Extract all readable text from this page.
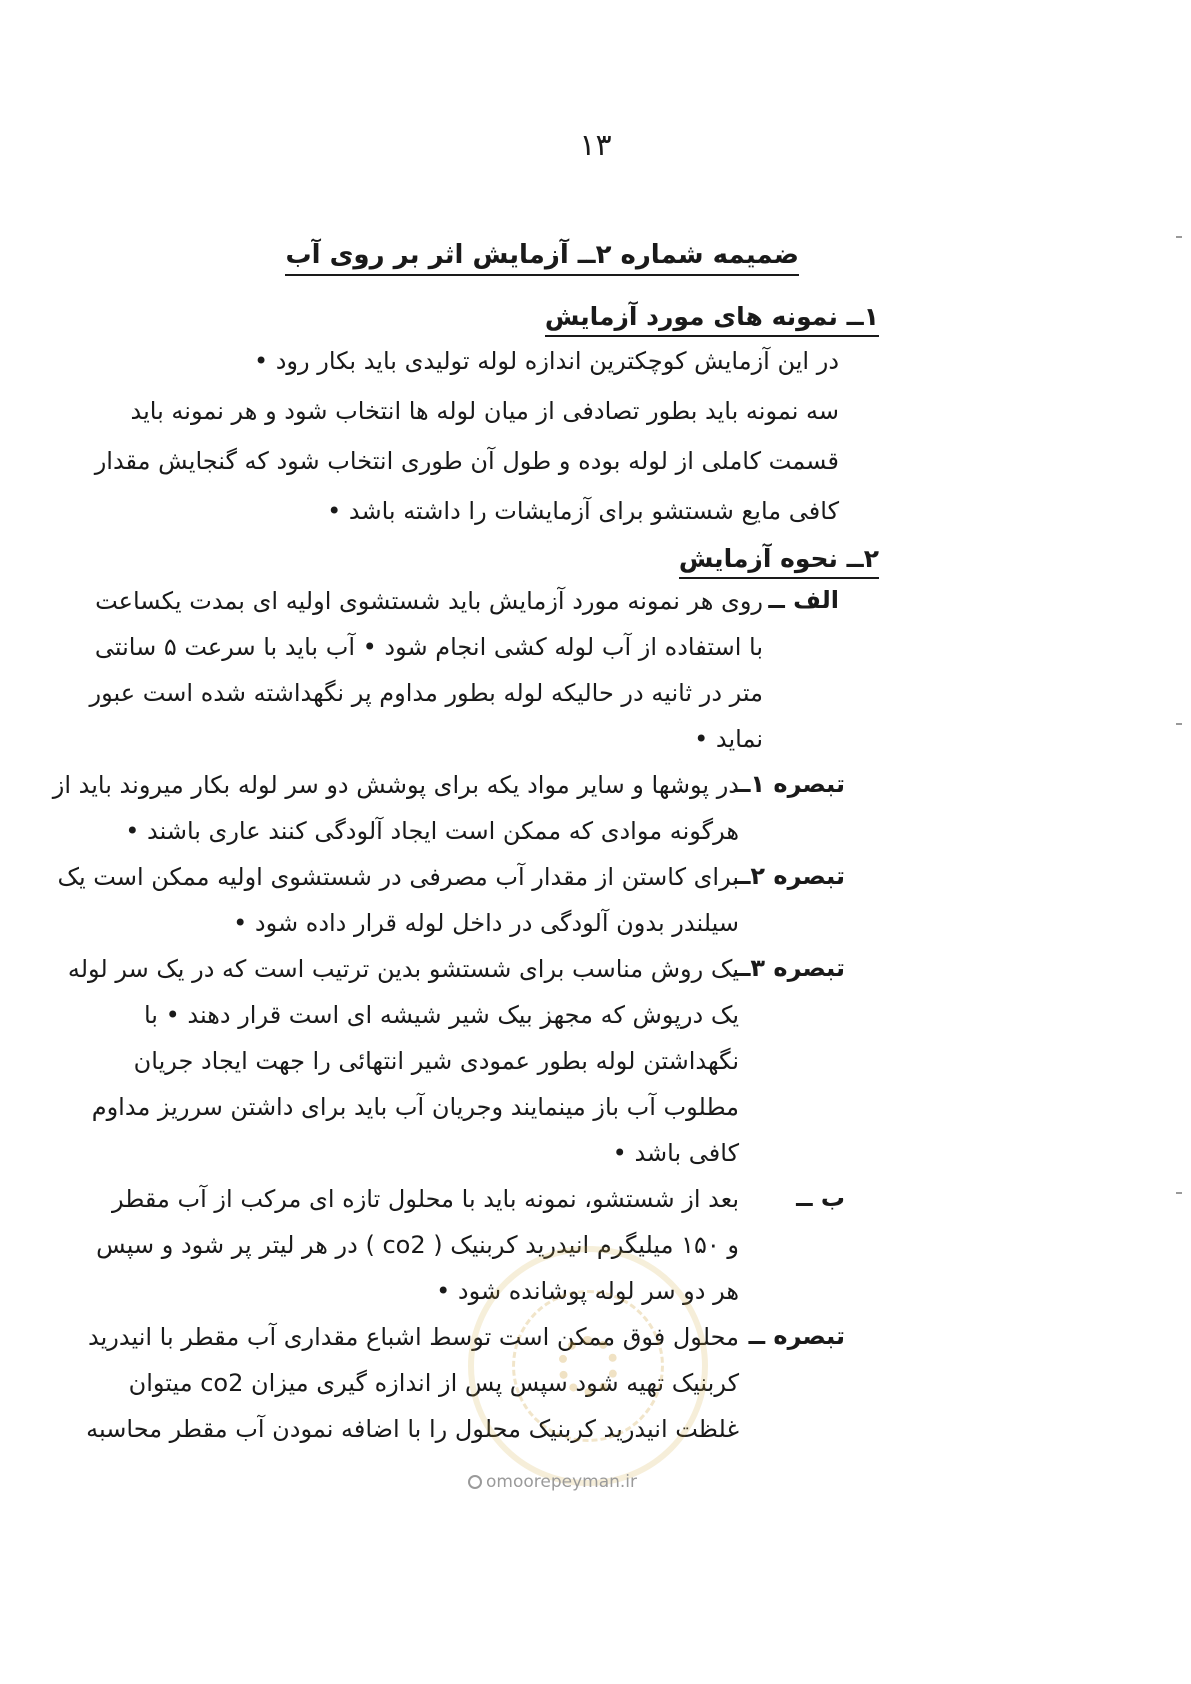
۱۳
ضمیمه شماره ۲ــ آزمایش اثر بر روی آب
۱ــ نمونه های مورد آزمایش
در این آزمایش کوچکترین اندازه لوله تولیدی باید بکار رود •
سه نمونه باید بطور تصادفی از میان لوله ها انتخاب شود و هر نمونه باید
قسمت کاملی از لوله بوده و طول آن طوری انتخاب شود که گنجایش مقدار
کافی مایع شستشو برای آزمایشات را داشته باشد •
۲ــ نحوه آزمایش
الف ــ
روی هر نمونه مورد آزمایش باید شستشوی اولیه ای بمدت یکساعت
با استفاده از آب لوله کشی انجام شود • آب باید با سرعت ۵ سانتی
متر در ثانیه در حالیکه لوله بطور مداوم پر نگهداشته شده است عبور
نماید •
تبصره ۱ــ
در پوشها و سایر مواد یکه برای پوشش دو سر لوله بکار میروند باید از
هرگونه موادی که ممکن است ایجاد آلودگی کنند عاری باشند •
تبصره ۲ــ
برای کاستن از مقدار آب مصرفی در شستشوی اولیه ممکن است یک
سیلندر بدون آلودگی در داخل لوله قرار داده شود •
تبصره ۳ــ
یک روش مناسب برای شستشو بدین ترتیب است که در یک سر لوله
یک درپوش که مجهز بیک شیر شیشه ای است قرار دهند • با
نگهداشتن لوله بطور عمودی شیر انتهائی را جهت ایجاد جریان
مطلوب آب باز مینمایند وجریان آب باید برای داشتن سرریز مداوم
کافی باشد •
ب ــ
بعد از شستشو، نمونه باید با محلول تازه ای مرکب از آب مقطر
و ۱۵۰ میلیگرم انیدرید کربنیک ( co2 ) در هر لیتر پر شود و سپس
هر دو سر لوله پوشانده شود •
تبصره ــ
محلول فوق ممکن است توسط اشباع مقداری آب مقطر با انیدرید
کربنیک تهیه شود سپس پس از اندازه گیری میزان co2 میتوان
غلظت انیدرید کربنیک محلول را با اضافه نمودن آب مقطر محاسبه
omoorepeyman.ir
